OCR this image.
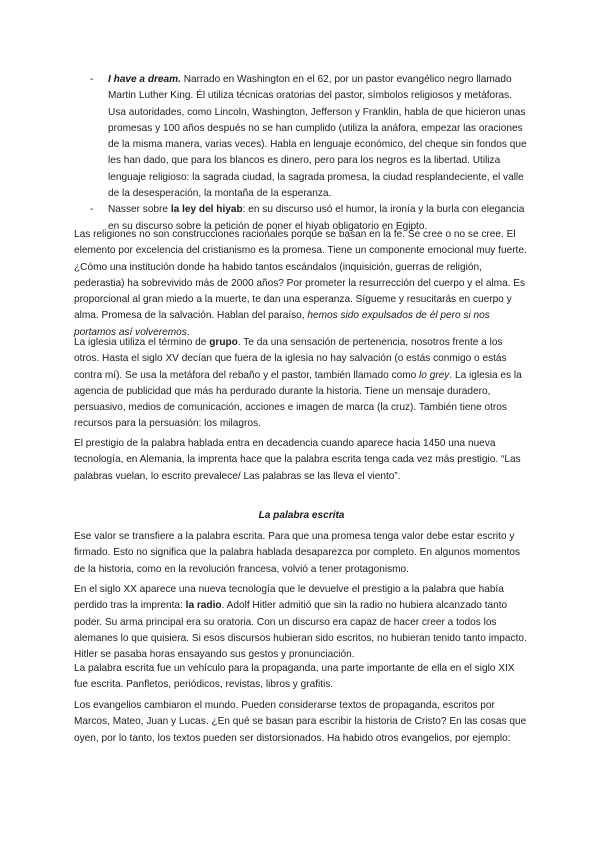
- I have a dream. Narrado en Washington en el 62, por un pastor evangélico negro llamado Martin Luther King. Él utiliza técnicas oratorias del pastor, símbolos religiosos y metáforas. Usa autoridades, como Lincoln, Washington, Jefferson y Franklin, habla de que hicieron unas promesas y 100 años después no se han cumplido (utiliza la anáfora, empezar las oraciones de la misma manera, varias veces). Habla en lenguaje económico, del cheque sin fondos que les han dado, que para los blancos es dinero, pero para los negros es la libertad. Utiliza lenguaje religioso: la sagrada ciudad, la sagrada promesa, la ciudad resplandeciente, el valle de la desesperación, la montaña de la esperanza.
- Nasser sobre la ley del hiyab: en su discurso usó el humor, la ironía y la burla con elegancia en su discurso sobre la petición de poner el hiyab obligatorio en Egipto.

Las religiones no son construcciones racionales porque se basan en la fe. Se cree o no se cree. El elemento por excelencia del cristianismo es la promesa. Tiene un componente emocional muy fuerte. ¿Cómo una institución donde ha habido tantos escándalos (inquisición, guerras de religión, pederastia) ha sobrevivido más de 2000 años? Por prometer la resurrección del cuerpo y el alma. Es proporcional al gran miedo a la muerte, te dan una esperanza. Sígueme y resucitarás en cuerpo y alma. Promesa de la salvación. Hablan del paraíso, hemos sido expulsados de él pero si nos portamos así volveremos.

La iglesia utiliza el término de grupo. Te da una sensación de pertenencia, nosotros frente a los otros. Hasta el siglo XV decían que fuera de la iglesia no hay salvación (o estás conmigo o estás contra mí). Se usa la metáfora del rebaño y el pastor, también llamado como lo grey. La iglesia es la agencia de publicidad que más ha perdurado durante la historia. Tiene un mensaje duradero, persuasivo, medios de comunicación, acciones e imagen de marca (la cruz). También tiene otros recursos para la persuasión: los milagros.

El prestigio de la palabra hablada entra en decadencia cuando aparece hacia 1450 una nueva tecnología, en Alemania, la imprenta hace que la palabra escrita tenga cada vez más prestigio. “Las palabras vuelan, lo escrito prevalece/ Las palabras se las lleva el viento”.

La palabra escrita

Ese valor se transfiere a la palabra escrita. Para que una promesa tenga valor debe estar escrito y firmado. Esto no significa que la palabra hablada desaparezca por completo. En algunos momentos de la historia, como en la revolución francesa, volvió a tener protagonismo.

En el siglo XX aparece una nueva tecnología que le devuelve el prestigio a la palabra que había perdido tras la imprenta: la radio. Adolf Hitler admitió que sin la radio no hubiera alcanzado tanto poder. Su arma principal era su oratoria. Con un discurso era capaz de hacer creer a todos los alemanes lo que quisiera. Si esos discursos hubieran sido escritos, no hubieran tenido tanto impacto. Hitler se pasaba horas ensayando sus gestos y pronunciación.

La palabra escrita fue un vehículo para la propaganda, una parte importante de ella en el siglo XIX fue escrita. Panfletos, periódicos, revistas, libros y grafitis.

Los evangelios cambiaron el mundo. Pueden considerarse textos de propaganda, escritos por Marcos, Mateo, Juan y Lucas. ¿En qué se basan para escribir la historia de Cristo? En las cosas que oyen, por lo tanto, los textos pueden ser distorsionados. Ha habido otros evangelios, por ejemplo:
